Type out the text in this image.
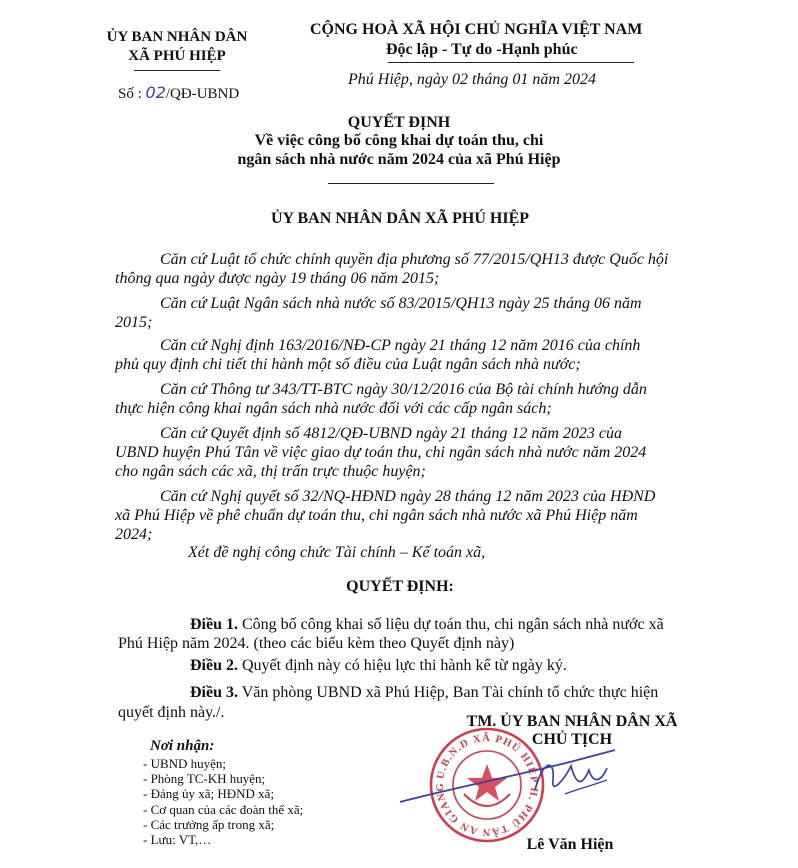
ỦY BAN NHÂN DÂN
XÃ PHÚ HIỆP
Số : 02/QĐ-UBND
CỘNG HOÀ XÃ HỘI CHỦ NGHĨA VIỆT NAM
Độc lập - Tự do -Hạnh phúc
Phú Hiệp, ngày 02 tháng 01 năm 2024
QUYẾT ĐỊNH
Về việc công bố công khai dự toán thu, chi
ngân sách nhà nước năm 2024 của xã Phú Hiệp
ỦY BAN NHÂN DÂN XÃ PHÚ HIỆP
Căn cứ Luật tổ chức chính quyền địa phương số 77/2015/QH13 được Quốc hội
thông qua ngày được ngày 19 tháng 06 năm 2015;
Căn cứ Luật Ngân sách nhà nước số 83/2015/QH13 ngày 25 tháng 06 năm
2015;
Căn cứ Nghị định 163/2016/NĐ-CP ngày 21 tháng 12 năm 2016 của chính
phủ quy định chi tiết thi hành một số điều của Luật ngân sách nhà nước;
Căn cứ Thông tư 343/TT-BTC ngày 30/12/2016 của Bộ tài chính hướng dẫn
thực hiện công khai ngân sách nhà nước đối với các cấp ngân sách;
Căn cứ Quyết định số 4812/QĐ-UBND ngày 21 tháng 12 năm 2023 của
UBND huyện Phú Tân về việc giao dự toán thu, chi ngân sách nhà nước năm 2024
cho ngân sách các xã, thị trấn trực thuộc huyện;
Căn cứ Nghị quyết số 32/NQ-HĐND ngày 28 tháng 12 năm 2023 của HĐND
xã Phú Hiệp về phê chuẩn dự toán thu, chi ngân sách nhà nước xã Phú Hiệp năm
2024;
Xét đề nghị công chức Tài chính – Kế toán xã,
QUYẾT ĐỊNH:
Điều 1. Công bố công khai số liệu dự toán thu, chi ngân sách nhà nước xã
Phú Hiệp năm 2024. (theo các biểu kèm theo Quyết định này)
Điều 2. Quyết định này có hiệu lực thi hành kể từ ngày ký.
Điều 3. Văn phòng UBND xã Phú Hiệp, Ban Tài chính tổ chức thực hiện
quyết định này./.
Nơi nhận:
- UBND huyện;
- Phòng TC-KH huyện;
- Đảng ủy xã; HĐND xã;
- Cơ quan của các đoàn thể xã;
- Các trưởng ấp trong xã;
- Lưu: VT,…
U.B.N.D XÃ PHÚ HIỆP H. PHÚ TÂN AN GIANG
TM. ỦY BAN NHÂN DÂN XÃ
CHỦ TỊCH
Lê Văn Hiện
